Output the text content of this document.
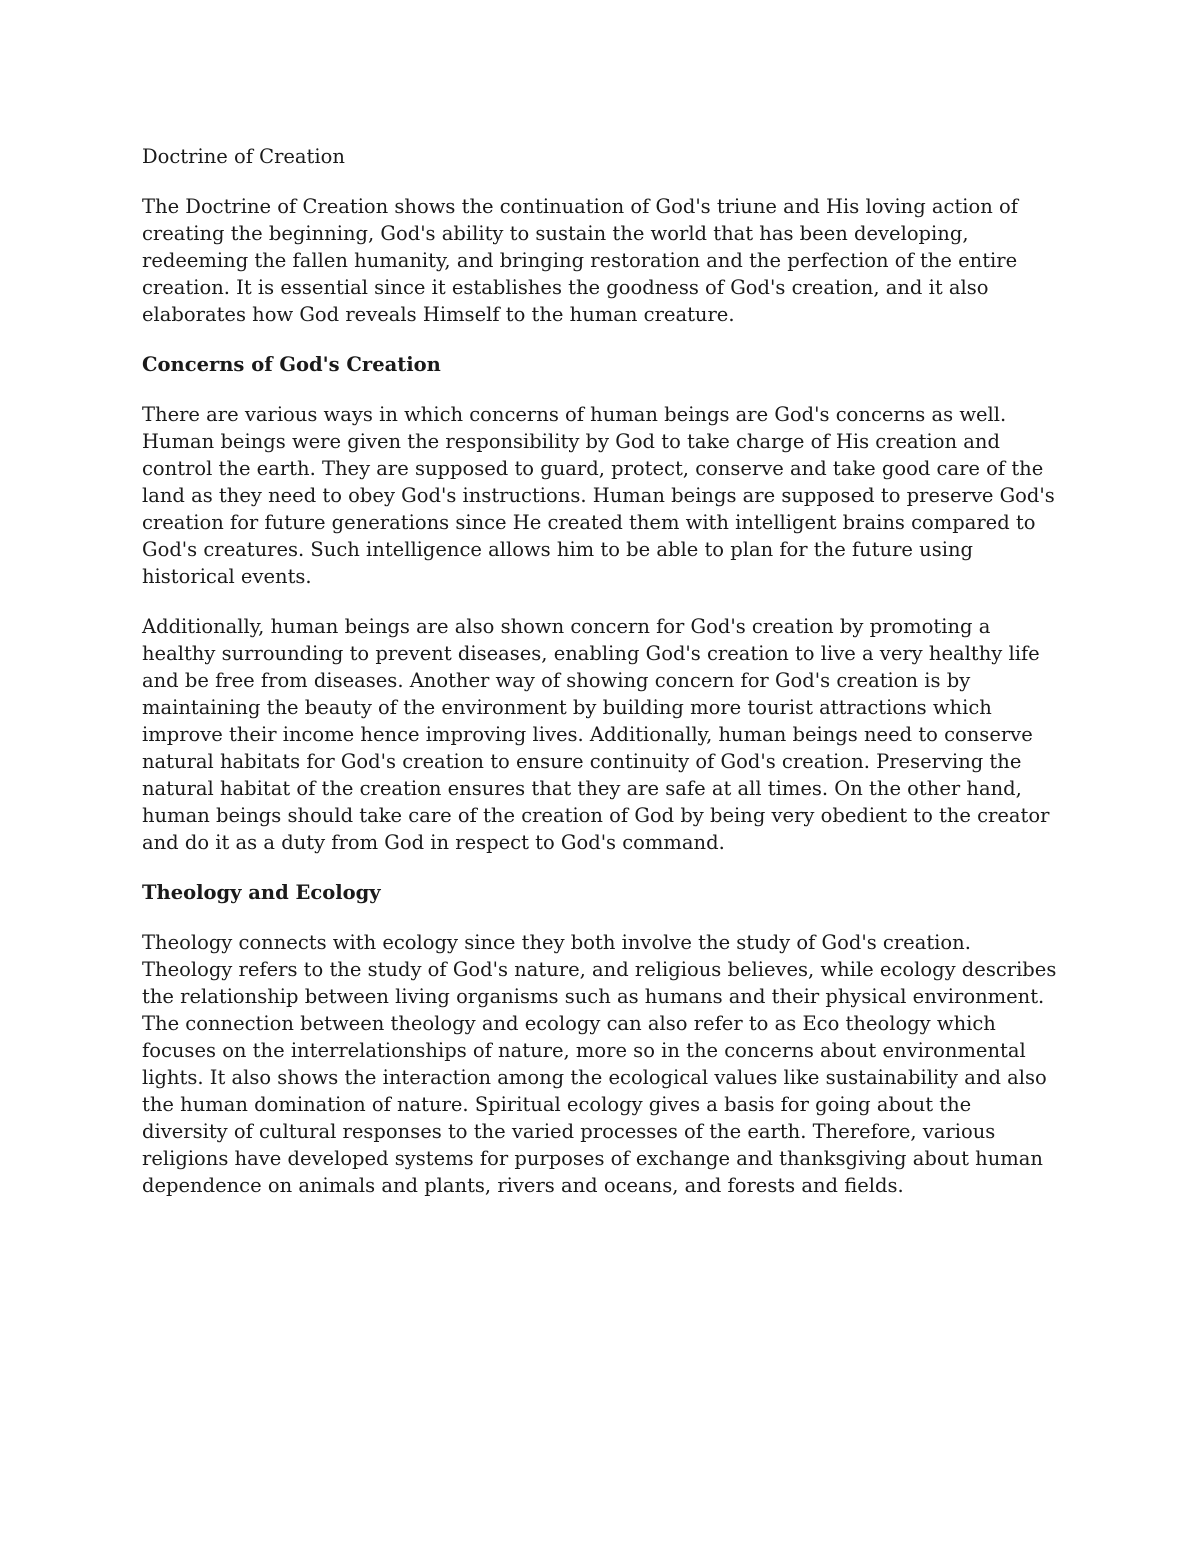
Doctrine of Creation

The Doctrine of Creation shows the continuation of God's triune and His loving action of creating the beginning, God's ability to sustain the world that has been developing, redeeming the fallen humanity, and bringing restoration and the perfection of the entire creation. It is essential since it establishes the goodness of God's creation, and it also elaborates how God reveals Himself to the human creature.

Concerns of God's Creation

There are various ways in which concerns of human beings are God's concerns as well. Human beings were given the responsibility by God to take charge of His creation and control the earth. They are supposed to guard, protect, conserve and take good care of the land as they need to obey God's instructions. Human beings are supposed to preserve God's creation for future generations since He created them with intelligent brains compared to God's creatures. Such intelligence allows him to be able to plan for the future using historical events.

Additionally, human beings are also shown concern for God's creation by promoting a healthy surrounding to prevent diseases, enabling God's creation to live a very healthy life and be free from diseases. Another way of showing concern for God's creation is by maintaining the beauty of the environment by building more tourist attractions which improve their income hence improving lives. Additionally, human beings need to conserve natural habitats for God's creation to ensure continuity of God's creation. Preserving the natural habitat of the creation ensures that they are safe at all times. On the other hand, human beings should take care of the creation of God by being very obedient to the creator and do it as a duty from God in respect to God's command.

Theology and Ecology

Theology connects with ecology since they both involve the study of God's creation. Theology refers to the study of God's nature, and religious believes, while ecology describes the relationship between living organisms such as humans and their physical environment. The connection between theology and ecology can also refer to as Eco theology which focuses on the interrelationships of nature, more so in the concerns about environmental lights. It also shows the interaction among the ecological values like sustainability and also the human domination of nature. Spiritual ecology gives a basis for going about the diversity of cultural responses to the varied processes of the earth. Therefore, various religions have developed systems for purposes of exchange and thanksgiving about human dependence on animals and plants, rivers and oceans, and forests and fields.
